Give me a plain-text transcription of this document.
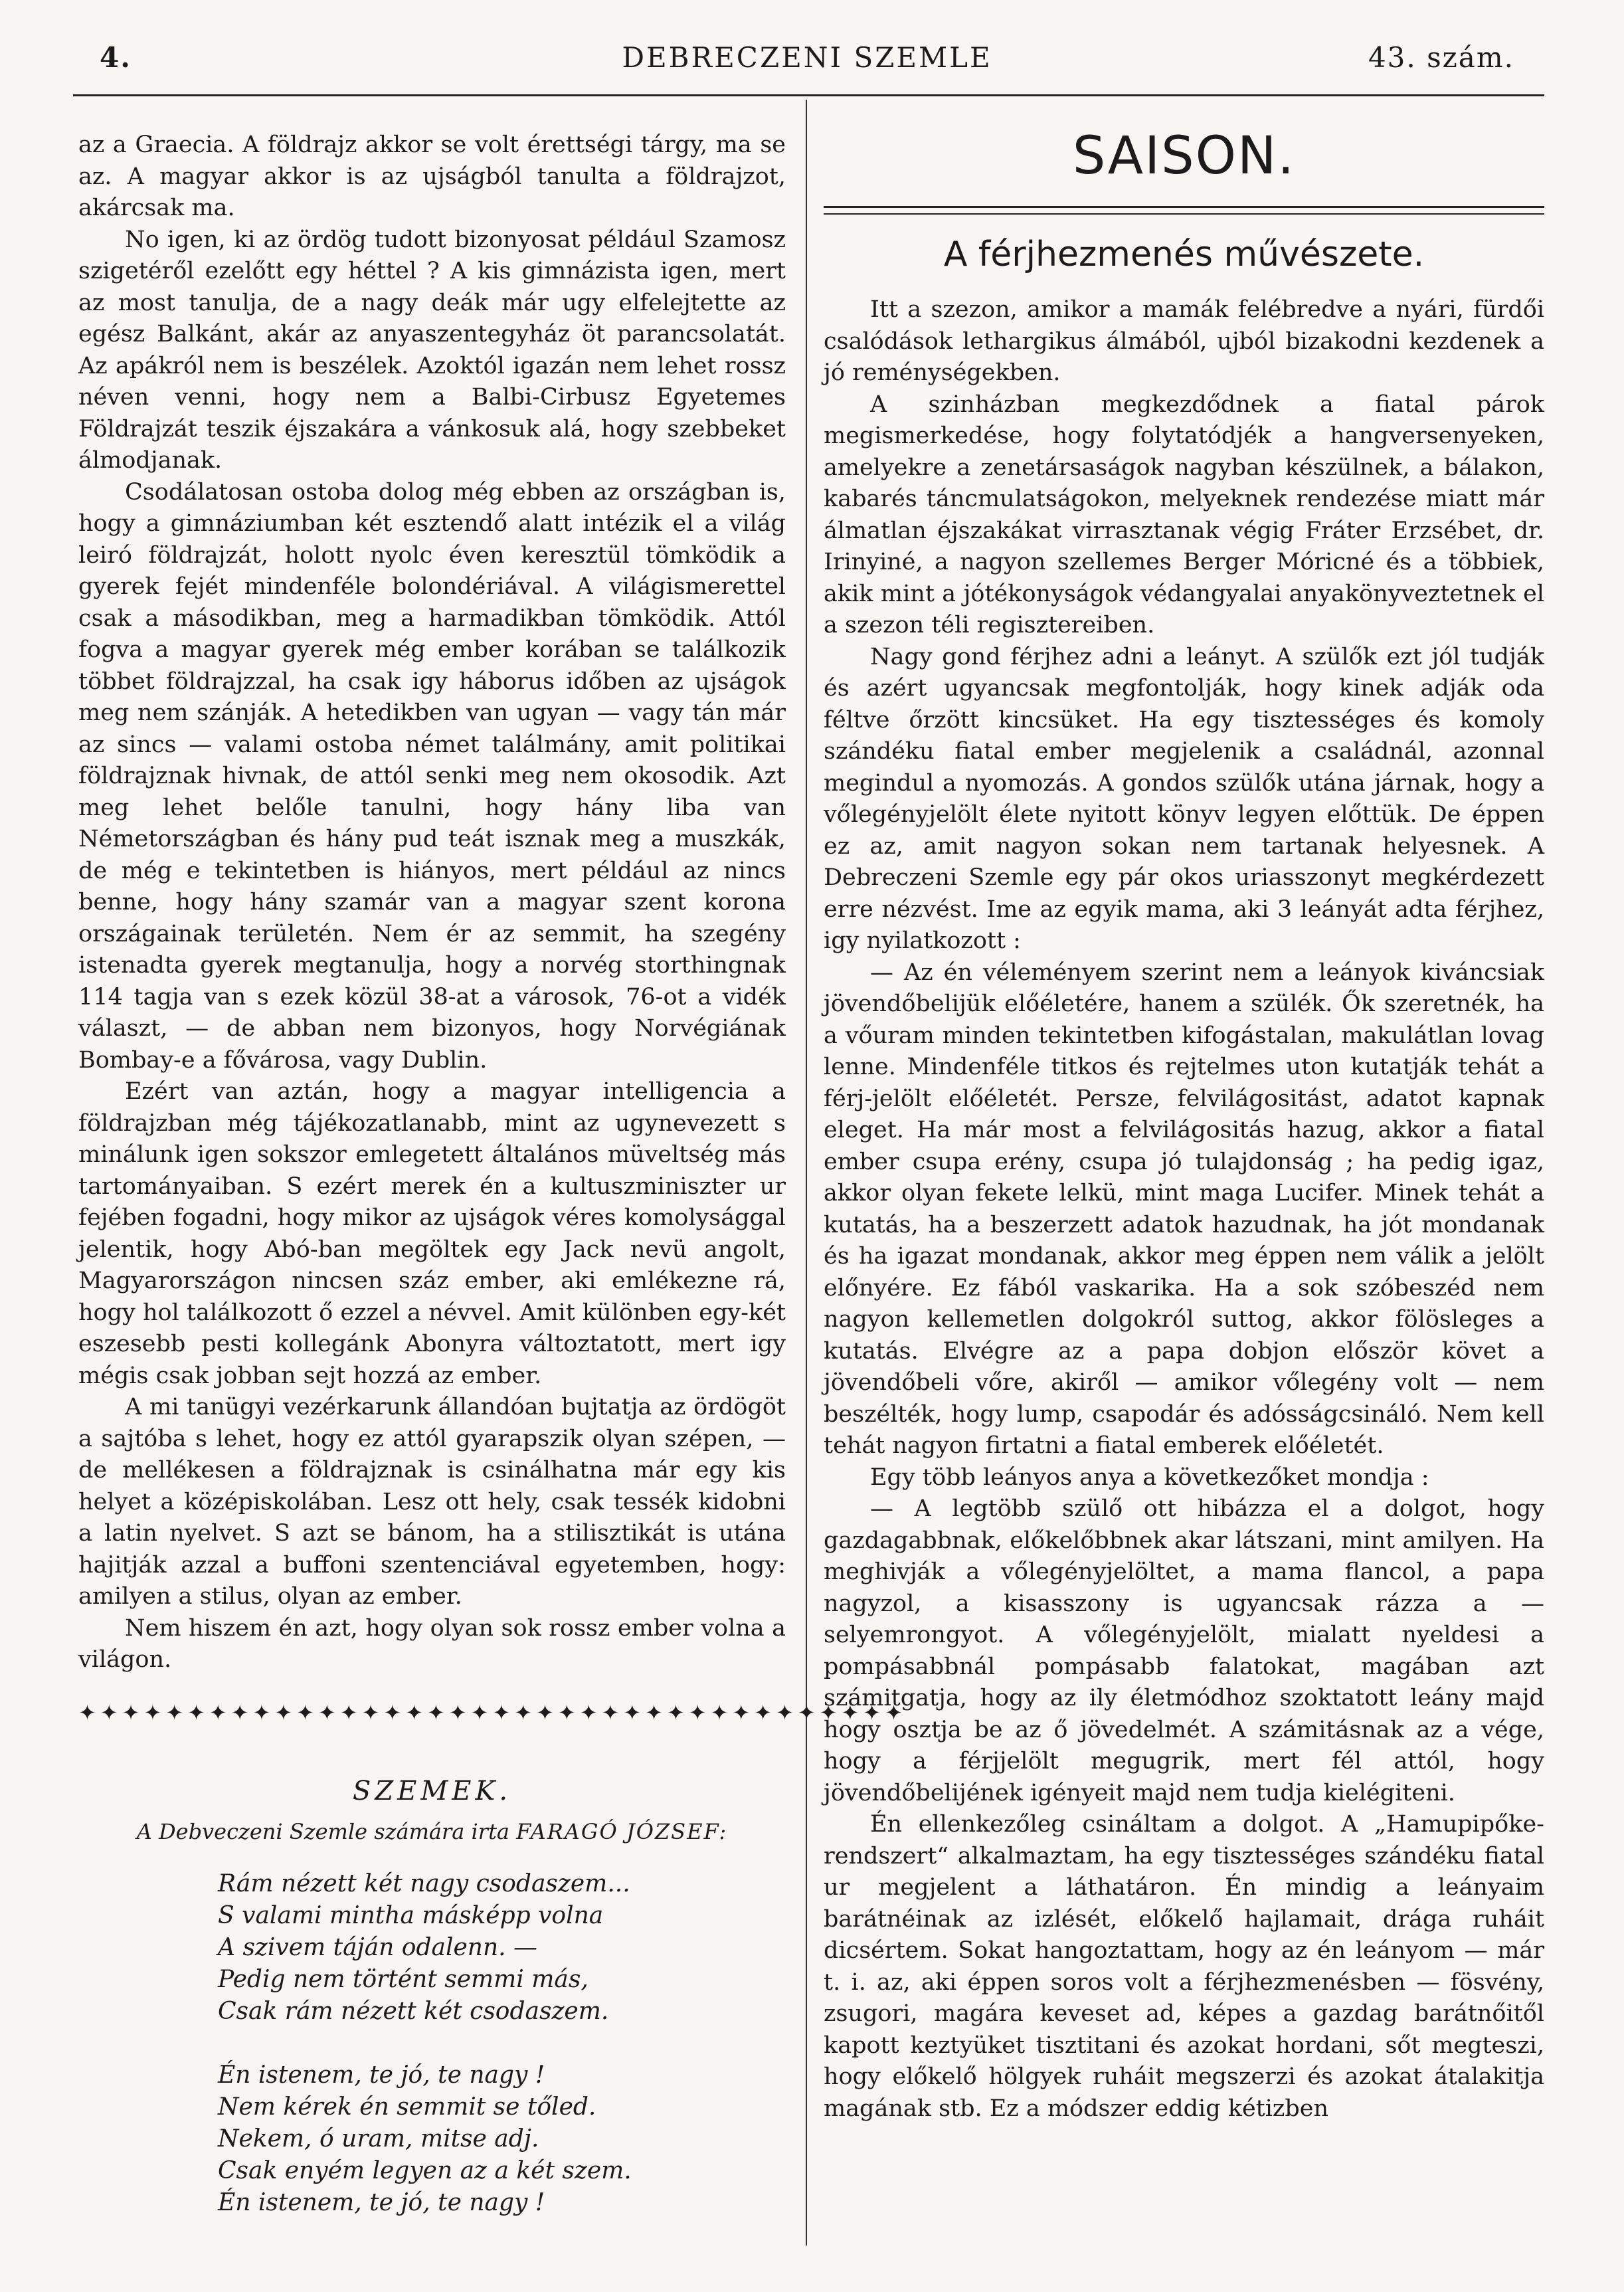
4.	DEBRECZENI SZEMLE	43. szám.

az a Graecia. A földrajz akkor se volt érettségi tárgy, ma se az. A magyar akkor is az ujságból tanulta a földrajzot, akárcsak ma.

No igen, ki az ördög tudott bizonyosat például Szamosz szigetéről ezelőtt egy héttel ? A kis gimnázista igen, mert az most tanulja, de a nagy deák már ugy elfelejtette az egész Balkánt, akár az anyaszentegyház öt parancsolatát. Az apákról nem is beszélek. Azoktól igazán nem lehet rossz néven venni, hogy nem a Balbi-Cirbusz Egyetemes Földrajzát teszik éjszakára a vánkosuk alá, hogy szebbeket álmodjanak.

Csodálatosan ostoba dolog még ebben az országban is, hogy a gimnáziumban két esztendő alatt intézik el a világ leiró földrajzát, holott nyolc éven keresztül tömködik a gyerek fejét mindenféle bolondériával. A világismerettel csak a másodikban, meg a harmadikban tömködik. Attól fogva a magyar gyerek még ember korában se találkozik többet földrajzzal, ha csak igy háborus időben az ujságok meg nem szánják. A hetedikben van ugyan — vagy tán már az sincs — valami ostoba német találmány, amit politikai földrajznak hivnak, de attól senki meg nem okosodik. Azt meg lehet belőle tanulni, hogy hány liba van Németországban és hány pud teát isznak meg a muszkák, de még e tekintetben is hiányos, mert például az nincs benne, hogy hány szamár van a magyar szent korona országainak területén. Nem ér az semmit, ha szegény istenadta gyerek megtanulja, hogy a norvég storthingnak 114 tagja van s ezek közül 38-at a városok, 76-ot a vidék választ, — de abban nem bizonyos, hogy Norvégiának Bombay-e a fővárosa, vagy Dublin.

Ezért van aztán, hogy a magyar intelligencia a földrajzban még tájékozatlanabb, mint az ugynevezett s minálunk igen sokszor emlegetett általános müveltség más tartományaiban. S ezért merek én a kultuszminiszter ur fejében fogadni, hogy mikor az ujságok véres komolysággal jelentik, hogy Abó-ban megöltek egy Jack nevü angolt, Magyarországon nincsen száz ember, aki emlékezne rá, hogy hol találkozott ő ezzel a névvel. Amit különben egy-két eszesebb pesti kollegánk Abonyra változtatott, mert igy mégis csak jobban sejt hozzá az ember.

A mi tanügyi vezérkarunk állandóan bujtatja az ördögöt a sajtóba s lehet, hogy ez attól gyarapszik olyan szépen, — de mellékesen a földrajznak is csinálhatna már egy kis helyet a középiskolában. Lesz ott hely, csak tessék kidobni a latin nyelvet. S azt se bánom, ha a stilisztikát is utána hajitják azzal a buffoni szentenciával egyetemben, hogy: amilyen a stilus, olyan az ember.

Nem hiszem én azt, hogy olyan sok rossz ember volna a világon.

✦✦✦✦✦✦✦✦✦✦✦✦✦✦✦✦✦✦✦✦✦✦✦✦✦✦✦✦✦✦✦✦✦✦✦✦✦✦
SZEMEK.
A Debveczeni Szemle számára irta FARAGÓ JÓZSEF:
Rám nézett két nagy csodaszem...
S valami mintha másképp volna
A szivem táján odalenn. —
Pedig nem történt semmi más,
Csak rám nézett két csodaszem.
Én istenem, te jó, te nagy !
Nem kérek én semmit se tőled.
Nekem, ó uram, mitse adj.
Csak enyém legyen az a két szem.
Én istenem, te jó, te nagy !
SAISON.
A férjhezmenés művészete.

Itt a szezon, amikor a mamák felébredve a nyári, fürdői csalódások lethargikus álmából, ujból bizakodni kezdenek a jó reménységekben.

A szinházban megkezdődnek a fiatal párok megismerkedése, hogy folytatódjék a hangversenyeken, amelyekre a zenetársaságok nagyban készülnek, a bálakon, kabarés táncmulatságokon, melyeknek rendezése miatt már álmatlan éjszakákat virrasztanak végig Fráter Erzsébet, dr. Irinyiné, a nagyon szellemes Berger Móricné és a többiek, akik mint a jótékonyságok védangyalai anyakönyveztetnek el a szezon téli regisztereiben.

Nagy gond férjhez adni a leányt. A szülők ezt jól tudják és azért ugyancsak megfontolják, hogy kinek adják oda féltve őrzött kincsüket. Ha egy tisztességes és komoly szándéku fiatal ember megjelenik a családnál, azonnal megindul a nyomozás. A gondos szülők utána járnak, hogy a vőlegényjelölt élete nyitott könyv legyen előttük. De éppen ez az, amit nagyon sokan nem tartanak helyesnek. A Debreczeni Szemle egy pár okos uriasszonyt megkérdezett erre nézvést. Ime az egyik mama, aki 3 leányát adta férjhez, igy nyilatkozott :

— Az én véleményem szerint nem a leányok kiváncsiak jövendőbelijük előéletére, hanem a szülék. Ők szeretnék, ha a vőuram minden tekintetben kifogástalan, makulátlan lovag lenne. Mindenféle titkos és rejtelmes uton kutatják tehát a férj-jelölt előéletét. Persze, felvilágositást, adatot kapnak eleget. Ha már most a felvilágositás hazug, akkor a fiatal ember csupa erény, csupa jó tulajdonság ; ha pedig igaz, akkor olyan fekete lelkü, mint maga Lucifer. Minek tehát a kutatás, ha a beszerzett adatok hazudnak, ha jót mondanak és ha igazat mondanak, akkor meg éppen nem válik a jelölt előnyére. Ez fából vaskarika. Ha a sok szóbeszéd nem nagyon kellemetlen dolgokról suttog, akkor fölösleges a kutatás. Elvégre az a papa dobjon először követ a jövendőbeli vőre, akiről — amikor vőlegény volt — nem beszélték, hogy lump, csapodár és adósságcsináló. Nem kell tehát nagyon firtatni a fiatal emberek előéletét.

Egy több leányos anya a következőket mondja :

— A legtöbb szülő ott hibázza el a dolgot, hogy gazdagabbnak, előkelőbbnek akar látszani, mint amilyen. Ha meghivják a vőlegényjelöltet, a mama flancol, a papa nagyzol, a kisasszony is ugyancsak rázza a — selyemrongyot. A vőlegényjelölt, mialatt nyeldesi a pompásabbnál pompásabb falatokat, magában azt számitgatja, hogy az ily életmódhoz szoktatott leány majd hogy osztja be az ő jövedelmét. A számitásnak az a vége, hogy a férjjelölt megugrik, mert fél attól, hogy jövendőbelijének igényeit majd nem tudja kielégiteni.

Én ellenkezőleg csináltam a dolgot. A „Hamupipőke-rendszert“ alkalmaztam, ha egy tisztességes szándéku fiatal ur megjelent a láthatáron. Én mindig a leányaim barátnéinak az izlését, előkelő hajlamait, drága ruháit dicsértem. Sokat hangoztattam, hogy az én leányom — már t. i. az, aki éppen soros volt a férjhezmenésben — fösvény, zsugori, magára keveset ad, képes a gazdag barátnőitől kapott keztyüket tisztitani és azokat hordani, sőt megteszi, hogy előkelő hölgyek ruháit megszerzi és azokat átalakitja magának stb. Ez a módszer eddig kétizben
